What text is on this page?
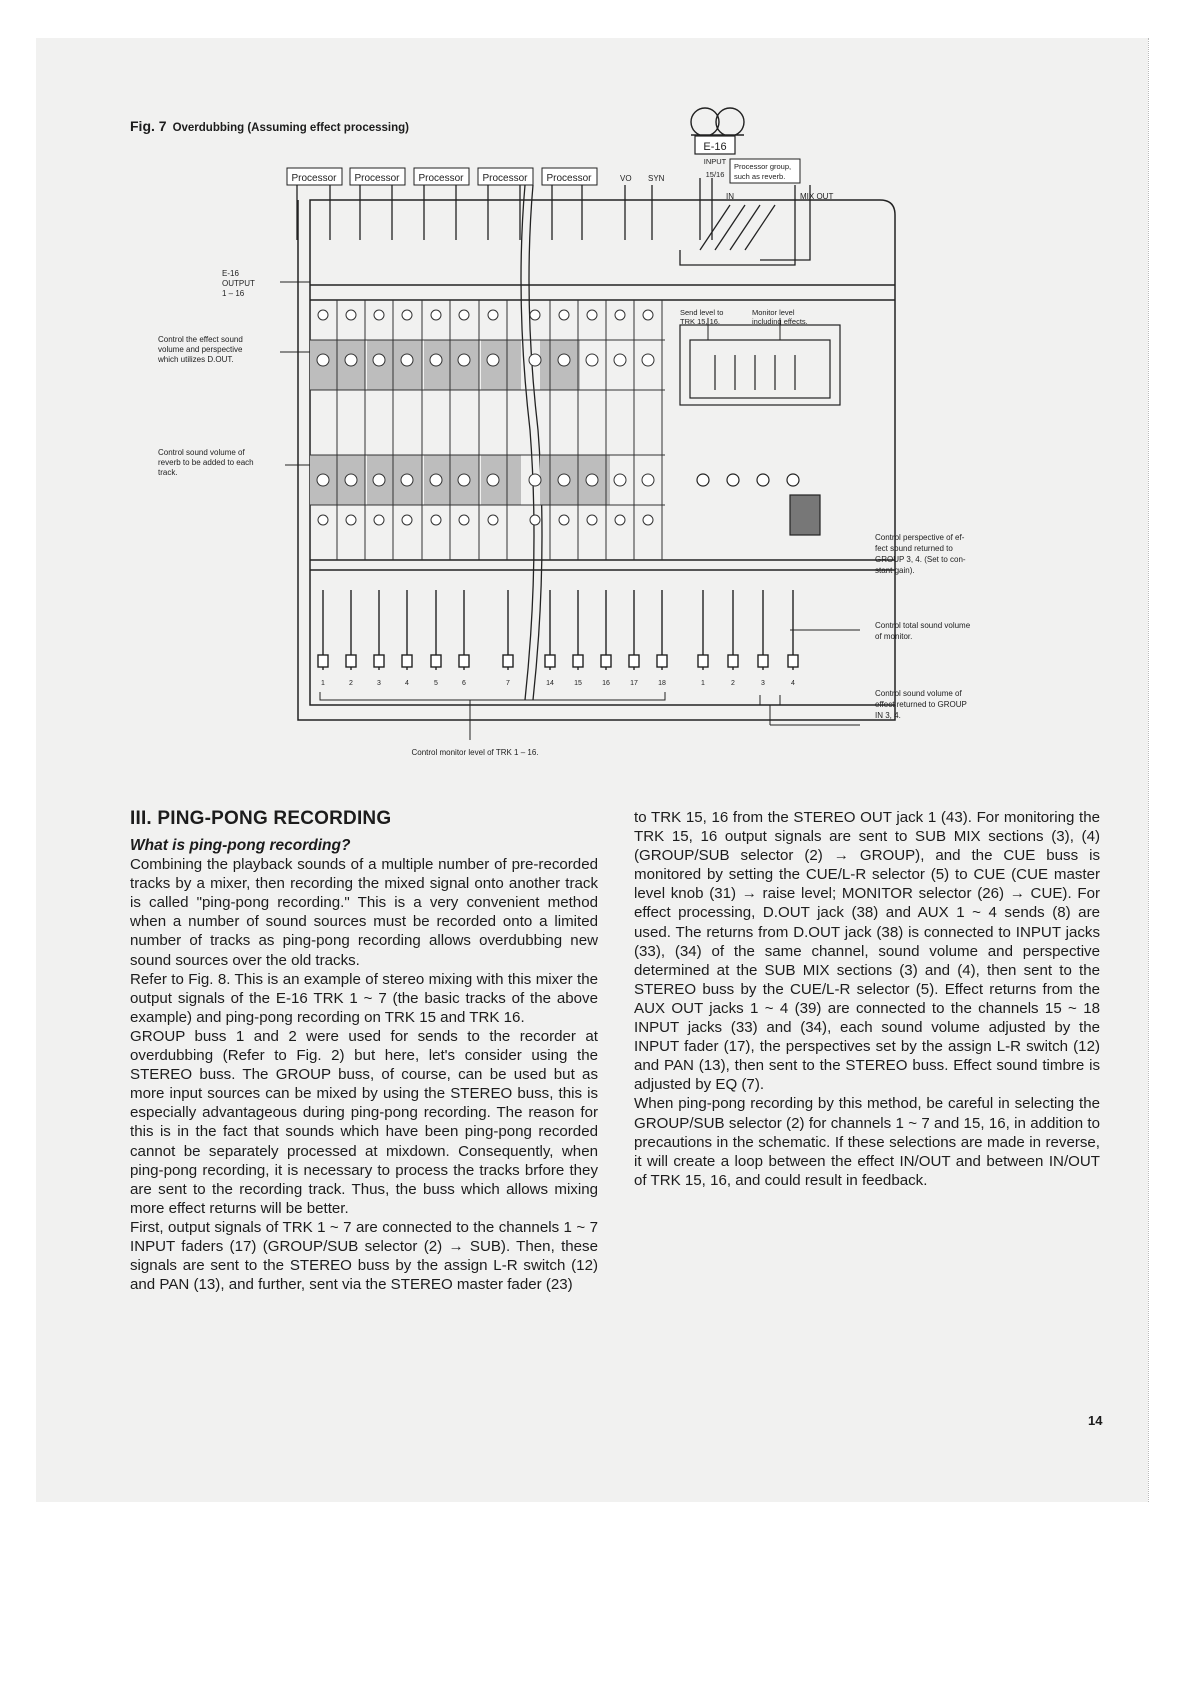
Fig. 7 Overdubbing (Assuming effect processing)
E-16
INPUT
15/16
Processor Processor Processor Processor Processor	VO SYN
Processor group,
such as reverb.
IN	MIX OUT
1	2	3	4	5	6	7	14	15	16	17	18	1	2	3	4
E-16
OUTPUT
1 – 16
Control the effect sound
volume and perspective
which utilizes D.OUT.
Control sound volume of
reverb to be added to each
track.
Send level to
TRK 15, 16.
Monitor level
including effects.
Control perspective of ef-
fect sound returned to
GROUP 3, 4. (Set to con-
stant gain).
Control total sound volume
of monitor.
Control sound volume of
effect returned to GROUP
IN 3, 4.
Control monitor level of TRK 1 – 16.
III. PING-PONG RECORDING
What is ping-pong recording?

Combining the playback sounds of a multiple number of pre-recorded tracks by a mixer, then recording the mixed signal onto another track is called "ping-pong recording." This is a very convenient method when a number of sound sources must be recorded onto a limited number of tracks as ping-pong recording allows overdubbing new sound sources over the old tracks.

Refer to Fig. 8. This is an example of stereo mixing with this mixer the output signals of the E-16 TRK 1 ~ 7 (the basic tracks of the above example) and ping-pong recording on TRK 15 and TRK 16.

GROUP buss 1 and 2 were used for sends to the recorder at overdubbing (Refer to Fig. 2) but here, let's consider using the STEREO buss. The GROUP buss, of course, can be used but as more input sources can be mixed by using the STEREO buss, this is especially advantageous during ping-pong recording. The reason for this is in the fact that sounds which have been ping-pong recorded cannot be separately processed at mixdown. Consequently, when ping-pong recording, it is necessary to process the tracks brfore they are sent to the recording track. Thus, the buss which allows mixing more effect returns will be better.

First, output signals of TRK 1 ~ 7 are connected to the channels 1 ~ 7 INPUT faders (17) (GROUP/SUB selector (2) → SUB). Then, these signals are sent to the STEREO buss by the assign L-R switch (12) and PAN (13), and further, sent via the STEREO master fader (23)

to TRK 15, 16 from the STEREO OUT jack 1 (43). For monitoring the TRK 15, 16 output signals are sent to SUB MIX sections (3), (4) (GROUP/SUB selector (2) → GROUP), and the CUE buss is monitored by setting the CUE/L-R selector (5) to CUE (CUE master level knob (31) → raise level; MONITOR selector (26) → CUE). For effect processing, D.OUT jack (38) and AUX 1 ~ 4 sends (8) are used. The returns from D.OUT jack (38) is connected to INPUT jacks (33), (34) of the same channel, sound volume and perspective determined at the SUB MIX sections (3) and (4), then sent to the STEREO buss by the CUE/L-R selector (5). Effect returns from the AUX OUT jacks 1 ~ 4 (39) are connected to the channels 15 ~ 18 INPUT jacks (33) and (34), each sound volume adjusted by the INPUT fader (17), the perspectives set by the assign L-R switch (12) and PAN (13), then sent to the STEREO buss. Effect sound timbre is adjusted by EQ (7).

When ping-pong recording by this method, be careful in selecting the GROUP/SUB selector (2) for channels 1 ~ 7 and 15, 16, in addition to precautions in the schematic. If these selections are made in reverse, it will create a loop between the effect IN/OUT and between IN/OUT of TRK 15, 16, and could result in feedback.

14
